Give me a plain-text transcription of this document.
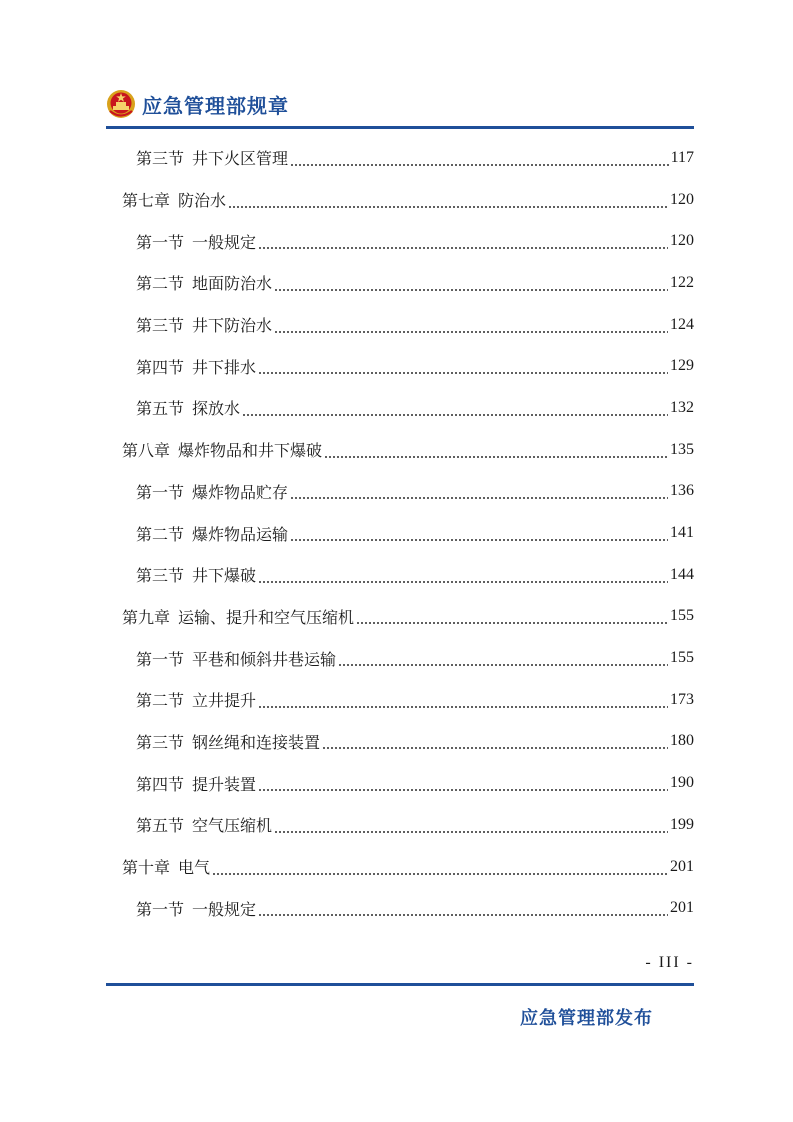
应急管理部规章
第三节  井下火区管理	117
第七章  防治水	120
第一节  一般规定	120
第二节  地面防治水	122
第三节  井下防治水	124
第四节  井下排水	129
第五节  探放水	132
第八章  爆炸物品和井下爆破	135
第一节  爆炸物品贮存	136
第二节  爆炸物品运输	141
第三节  井下爆破	144
第九章  运输、提升和空气压缩机	155
第一节  平巷和倾斜井巷运输	155
第二节  立井提升	173
第三节  钢丝绳和连接装置	180
第四节  提升装置	190
第五节  空气压缩机	199
第十章  电气	201
第一节  一般规定	201
- III -
应急管理部发布
